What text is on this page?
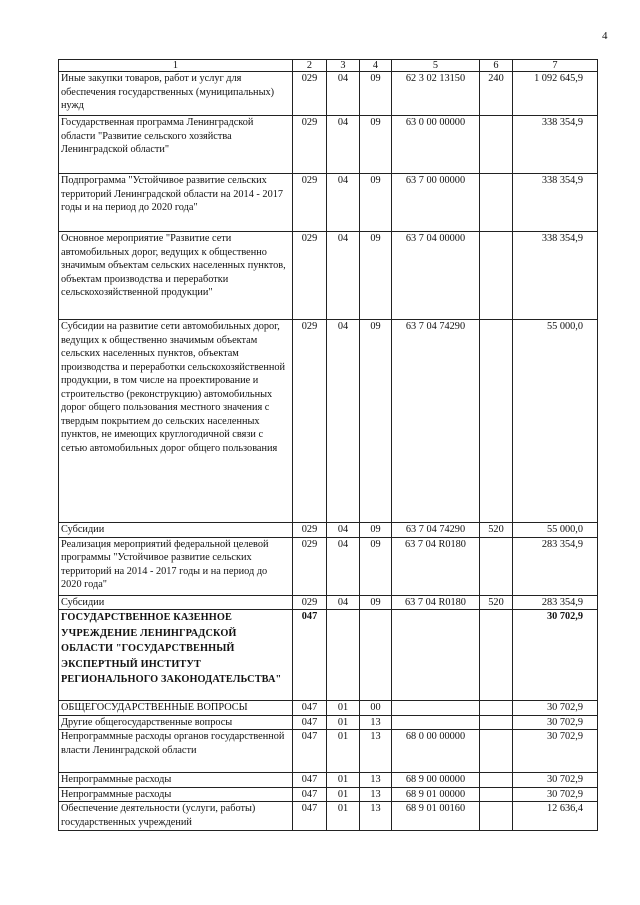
4
1	2	3	4	5	6	7
Иные закупки товаров, работ и услуг для обеспечения государственных (муниципальных) нужд	029	04	09	62 3 02 13150	240	1 092 645,9
Государственная программа Ленинградской области "Развитие сельского хозяйства Ленинградской области"	029	04	09	63 0 00 00000		338 354,9
Подпрограмма "Устойчивое развитие сельских территорий Ленинградской области на 2014 - 2017 годы и на период до 2020 года"	029	04	09	63 7 00 00000		338 354,9
Основное мероприятие "Развитие сети автомобильных дорог, ведущих к общественно значимым объектам сельских населенных пунктов, объектам производства и переработки сельскохозяйственной продукции"	029	04	09	63 7 04 00000		338 354,9
Субсидии на развитие сети автомобильных дорог, ведущих к общественно значимым объектам сельских населенных пунктов, объектам производства и переработки сельскохозяйственной продукции, в том числе на проектирование и строительство (реконструкцию) автомобильных дорог общего пользования местного значения с твердым покрытием до сельских населенных пунктов, не имеющих круглогодичной связи с сетью автомобильных дорог общего пользования	029	04	09	63 7 04 74290		55 000,0
Субсидии	029	04	09	63 7 04 74290	520	55 000,0
Реализация мероприятий федеральной целевой программы "Устойчивое развитие сельских территорий на 2014 - 2017 годы и на период до 2020 года"	029	04	09	63 7 04 R0180		283 354,9
Субсидии	029	04	09	63 7 04 R0180	520	283 354,9
ГОСУДАРСТВЕННОЕ КАЗЕННОЕ УЧРЕЖДЕНИЕ ЛЕНИНГРАДСКОЙ ОБЛАСТИ "ГОСУДАРСТВЕННЫЙ ЭКСПЕРТНЫЙ ИНСТИТУТ РЕГИОНАЛЬНОГО ЗАКОНОДАТЕЛЬСТВА"	047					30 702,9
ОБЩЕГОСУДАРСТВЕННЫЕ ВОПРОСЫ	047	01	00			30 702,9
Другие общегосударственные вопросы	047	01	13			30 702,9
Непрограммные расходы органов государственной власти Ленинградской области	047	01	13	68 0 00 00000		30 702,9
Непрограммные расходы	047	01	13	68 9 00 00000		30 702,9
Непрограммные расходы	047	01	13	68 9 01 00000		30 702,9
Обеспечение деятельности (услуги, работы) государственных учреждений	047	01	13	68 9 01 00160		12 636,4
